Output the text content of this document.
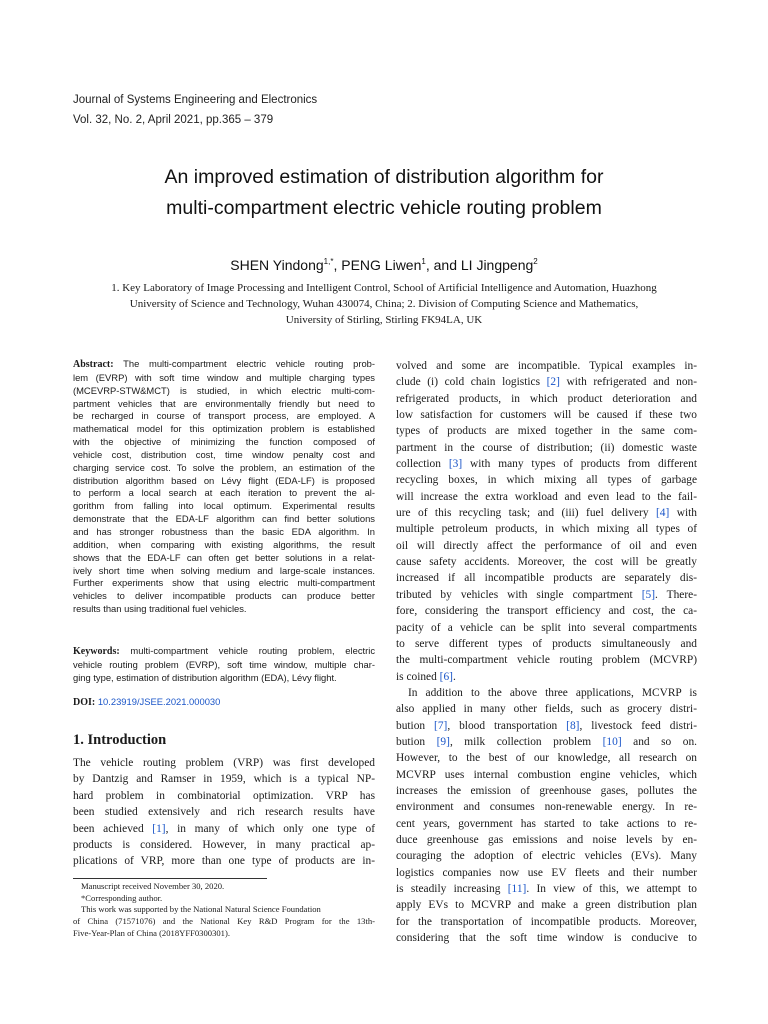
Journal of Systems Engineering and Electronics
Vol. 32, No. 2, April 2021, pp.365 – 379
An improved estimation of distribution algorithm for
multi-compartment electric vehicle routing problem
SHEN Yindong$^{1,*}$, PENG Liwen$^1$, and LI Jingpeng$^2$
1. Key Laboratory of Image Processing and Intelligent Control, School of Artificial Intelligence and Automation, Huazhong
University of Science and Technology, Wuhan 430074, China; 2. Division of Computing Science and Mathematics,
University of Stirling, Stirling FK94LA, UK
Abstract: The multi-compartment electric vehicle routing prob-
lem (EVRP) with soft time window and multiple charging types
(MCEVRP-STW&MCT) is studied, in which electric multi-com-
partment vehicles that are environmentally friendly but need to
be recharged in course of transport process, are employed. A
mathematical model for this optimization problem is established
with the objective of minimizing the function composed of
vehicle cost, distribution cost, time window penalty cost and
charging service cost. To solve the problem, an estimation of the
distribution algorithm based on Lévy flight (EDA-LF) is proposed
to perform a local search at each iteration to prevent the al-
gorithm from falling into local optimum. Experimental results
demonstrate that the EDA-LF algorithm can find better solutions
and has stronger robustness than the basic EDA algorithm. In
addition, when comparing with existing algorithms, the result
shows that the EDA-LF can often get better solutions in a relat-
ively short time when solving medium and large-scale instances.
Further experiments show that using electric multi-compartment
vehicles to deliver incompatible products can produce better
results than using traditional fuel vehicles.
Keywords: multi-compartment vehicle routing problem, electric
vehicle routing problem (EVRP), soft time window, multiple char-
ging type, estimation of distribution algorithm (EDA), Lévy flight.
DOI: 10.23919/JSEE.2021.000030
1. Introduction
The vehicle routing problem (VRP) was first developed
by Dantzig and Ramser in 1959, which is a typical NP-
hard problem in combinatorial optimization. VRP has
been studied extensively and rich research results have
been achieved [1], in many of which only one type of
products is considered. However, in many practical ap-
plications of VRP, more than one type of products are in-
volved and some are incompatible. Typical examples in-
clude (i) cold chain logistics [2] with refrigerated and non-
refrigerated products, in which product deterioration and
low satisfaction for customers will be caused if these two
types of products are mixed together in the same com-
partment in the course of distribution; (ii) domestic waste
collection [3] with many types of products from different
recycling boxes, in which mixing all types of garbage
will increase the extra workload and even lead to the fail-
ure of this recycling task; and (iii) fuel delivery [4] with
multiple petroleum products, in which mixing all types of
oil will directly affect the performance of oil and even
cause safety accidents. Moreover, the cost will be greatly
increased if all incompatible products are separately dis-
tributed by vehicles with single compartment [5]. There-
fore, considering the transport efficiency and cost, the ca-
pacity of a vehicle can be split into several compartments
to serve different types of products simultaneously and
the multi-compartment vehicle routing problem (MCVRP)
is coined [6].
In addition to the above three applications, MCVRP is
also applied in many other fields, such as grocery distri-
bution [7], blood transportation [8], livestock feed distri-
bution [9], milk collection problem [10] and so on.
However, to the best of our knowledge, all research on
MCVRP uses internal combustion engine vehicles, which
increases the emission of greenhouse gases, pollutes the
environment and consumes non-renewable energy. In re-
cent years, government has started to take actions to re-
duce greenhouse gas emissions and noise levels by en-
couraging the adoption of electric vehicles (EVs). Many
logistics companies now use EV fleets and their number
is steadily increasing [11]. In view of this, we attempt to
apply EVs to MCVRP and make a green distribution plan
for the transportation of incompatible products. Moreover,
considering that the soft time window is conducive to
Manuscript received November 30, 2020.
*Corresponding author.
This work was supported by the National Natural Science Foundation
of China (71571076) and the National Key R&D Program for the 13th-
Five-Year-Plan of China (2018YFF0300301).
